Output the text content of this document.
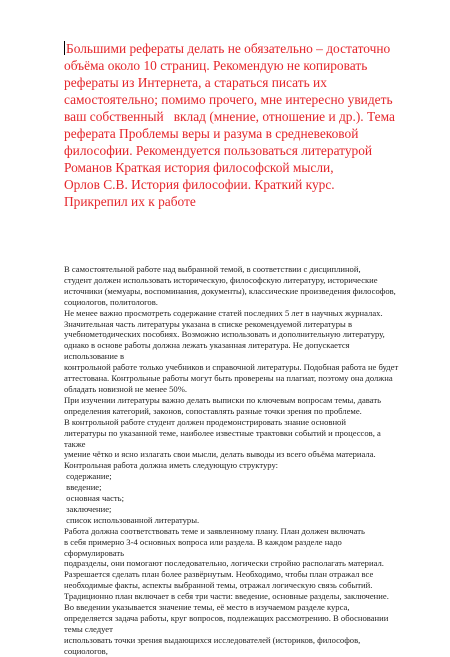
Большими рефераты делать не обязательно – достаточно
объёма около 10 страниц. Рекомендую не копировать
рефераты из Интернета, а стараться писать их
самостоятельно; помимо прочего, мне интересно увидеть
ваш собственный   вклад (мнение, отношение и др.). Тема
реферата Проблемы веры и разума в средневековой
философии. Рекомендуется пользоваться литературой
Романов Краткая история философской мысли,
Орлов С.В. История философии. Краткий курс.
Прикрепил их к работе
В самостоятельной работе над выбранной темой, в соответствии с дисциплиной,
студент должен использовать историческую, философскую литературу, исторические
источники (мемуары, воспоминания, документы), классические произведения философов,
социологов, политологов.
Не менее важно просмотреть содержание статей последних 5 лет в научных журналах.
Значительная часть литературы указана в списке рекомендуемой литературы в
учебнометодических пособиях. Возможно использовать и дополнительную литературу,
однако в основе работы должна лежать указанная литература. Не допускается
использование в
контрольной работе только учебников и справочной литературы. Подобная работа не будет
аттестована. Контрольные работы могут быть проверены на плагиат, поэтому она должна
обладать новизной не менее 50%.
При изучении литературы важно делать выписки по ключевым вопросам темы, давать
определения категорий, законов, сопоставлять разные точки зрения по проблеме.
В контрольной работе студент должен продемонстрировать знание основной
литературы по указанной теме, наиболее известные трактовки событий и процессов, а
также
умение чётко и ясно излагать свои мысли, делать выводы из всего объёма материала.
Контрольная работа должна иметь следующую структуру:
содержание;
введение;
основная часть;
заключение;
список использованной литературы.
Работа должна соответствовать теме и заявленному плану. План должен включать
в себя примерно 3-4 основных вопроса или раздела. В каждом разделе надо
сформулировать
подразделы, они помогают последовательно, логически стройно располагать материал.
Разрешается сделать план более развёрнутым. Необходимо, чтобы план отражал все
необходимые факты, аспекты выбранной темы, отражал логическую связь событий.
Традиционно план включает в себя три части: введение, основные разделы, заключение.
Во введении указывается значение темы, её место в изучаемом разделе курса,
определяется задача работы, круг вопросов, подлежащих рассмотрению. В обосновании
темы следует
использовать точки зрения выдающихся исследователей (историков, философов,
социологов,
